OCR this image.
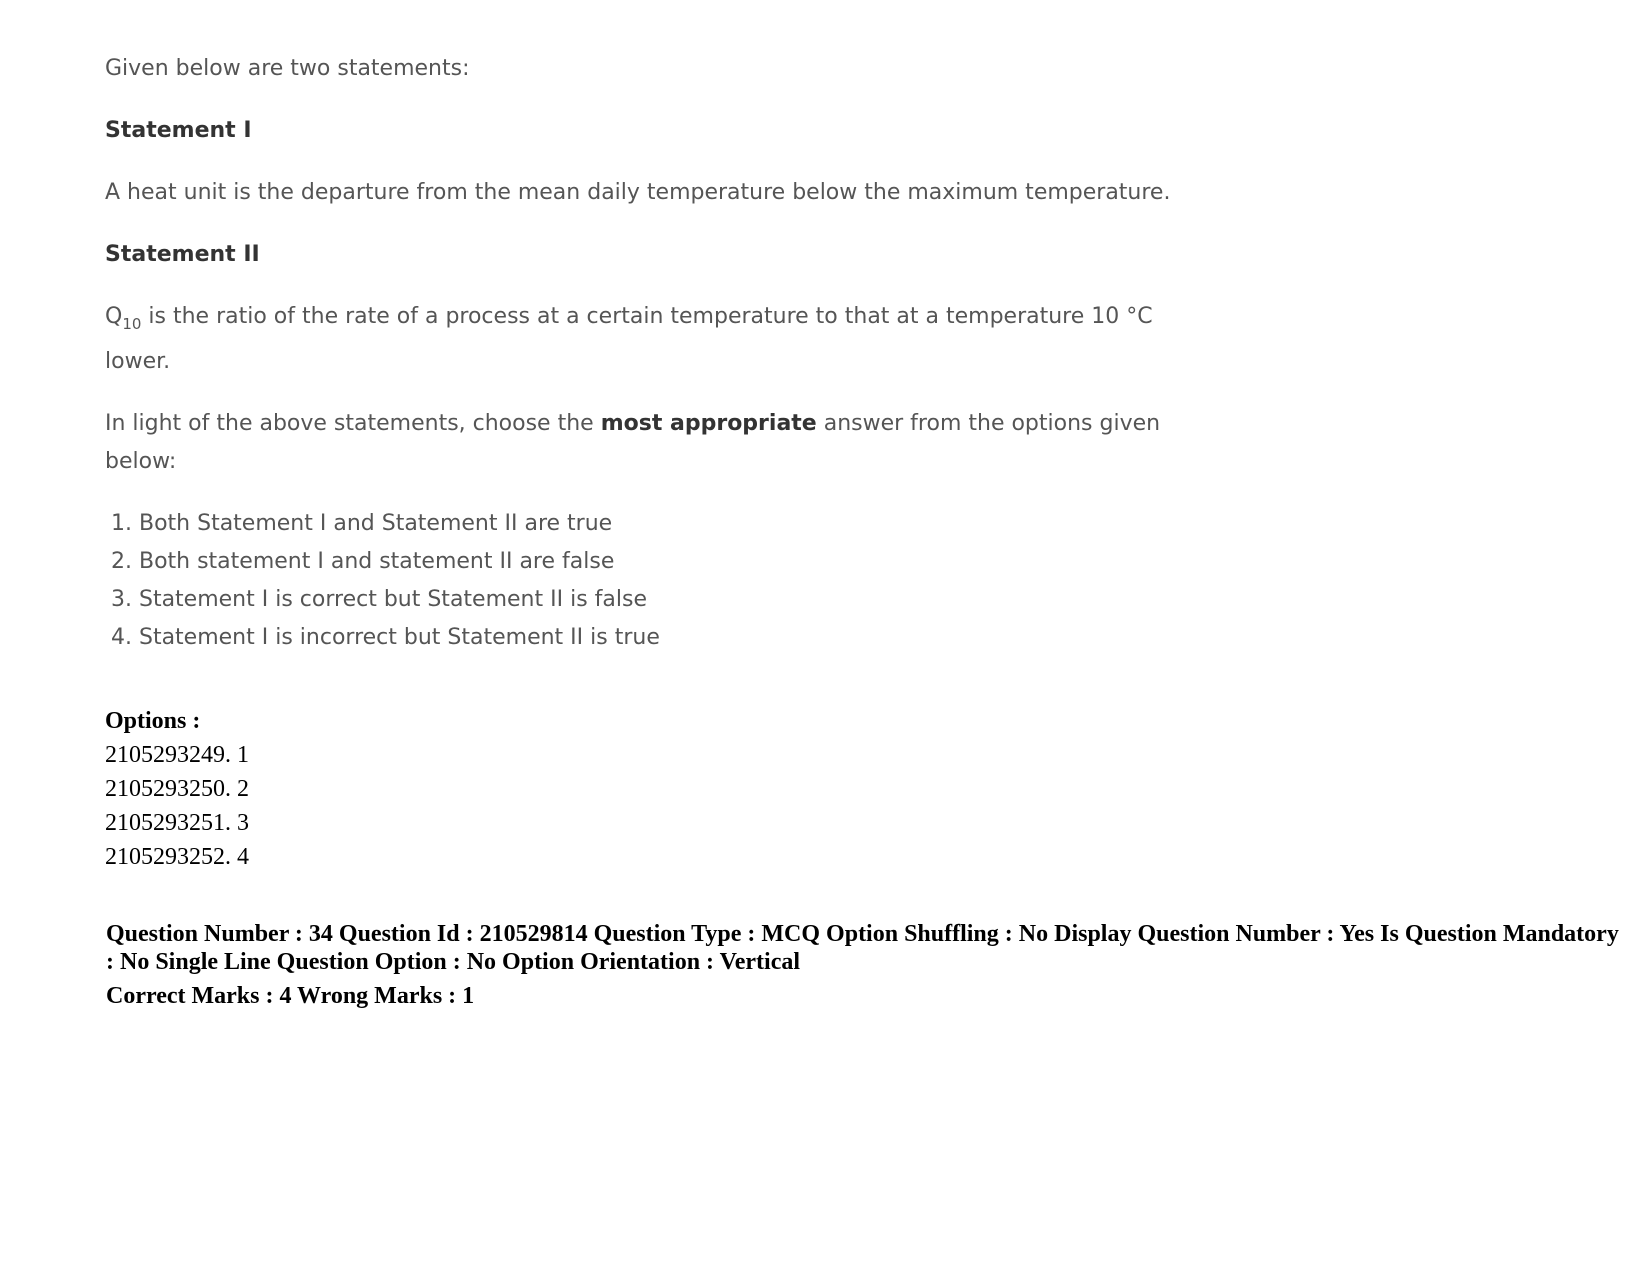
Given below are two statements:

Statement I

A heat unit is the departure from the mean daily temperature below the maximum temperature.

Statement II

$Q_{10}$ is the ratio of the rate of a process at a certain temperature to that at a temperature 10 °C lower.

In light of the above statements, choose the most appropriate answer from the options given below:

1. Both Statement I and Statement II are true
2. Both statement I and statement II are false
3. Statement I is correct but Statement II is false
4. Statement I is incorrect but Statement II is true
Options :
2105293249. 1
2105293250. 2
2105293251. 3
2105293252. 4
Question Number : 34 Question Id : 210529814 Question Type : MCQ Option Shuffling : No Display Question Number : Yes Is Question Mandatory : No Single Line Question Option : No Option Orientation : Vertical
Correct Marks : 4 Wrong Marks : 1
